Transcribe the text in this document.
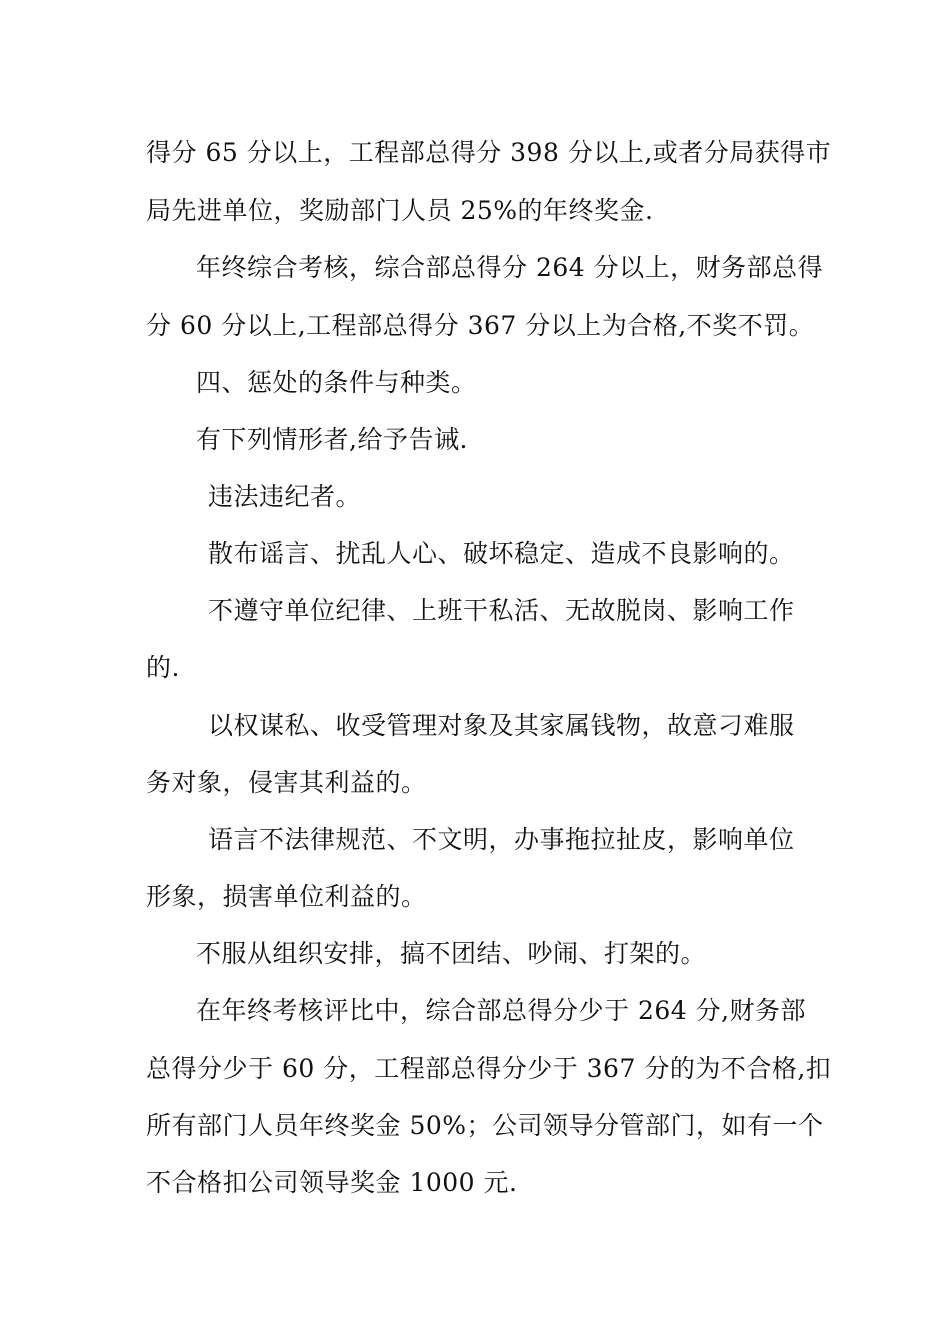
得分 65 分以上，工程部总得分 398 分以上,或者分局获得市
局先进单位，奖励部门人员 25%的年终奖金.
年终综合考核，综合部总得分 264 分以上，财务部总得
分 60 分以上,工程部总得分 367 分以上为合格,不奖不罚。
四、惩处的条件与种类。
有下列情形者,给予告诫.
违法违纪者。
散布谣言、扰乱人心、破坏稳定、造成不良影响的。
不遵守单位纪律、上班干私活、无故脱岗、影响工作
的.
以权谋私、收受管理对象及其家属钱物，故意刁难服
务对象，侵害其利益的。
语言不法律规范、不文明，办事拖拉扯皮，影响单位
形象，损害单位利益的。
不服从组织安排，搞不团结、吵闹、打架的。
在年终考核评比中，综合部总得分少于 264 分,财务部
总得分少于 60 分，工程部总得分少于 367 分的为不合格,扣
所有部门人员年终奖金 50%；公司领导分管部门，如有一个
不合格扣公司领导奖金 1000 元.
